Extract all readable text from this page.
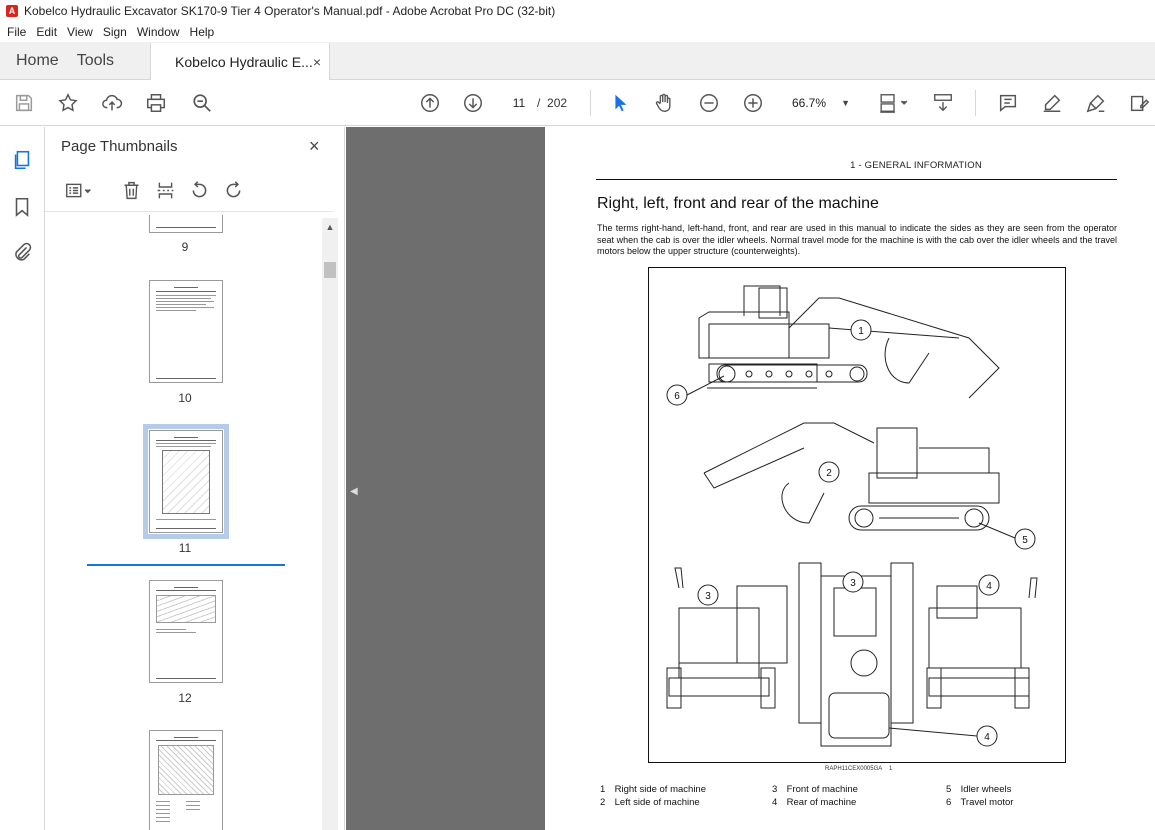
A Kobelco Hydraulic Excavator SK170-9 Tier 4 Operator's Manual.pdf - Adobe Acrobat Pro DC (32-bit)
File Edit View Sign Window Help
Home	Tools	Kobelco Hydraulic E... ×
11 / 202	66.7% ▼
Page Thumbnails	×
9
10
11
12
▲
◀
1 - GENERAL INFORMATION
Right, left, front and rear of the machine
The terms right-hand, left-hand, front, and rear are used in this manual to indicate the sides as they are seen from the operator seat when the cab is over the idler wheels. Normal travel mode for the machine is with the cab over the idler wheels and the travel motors below the upper structure (counterweights).
1
2
3
3	4
4
5
6
RAPH11CEX0005GA 1
1 Right side of machine
2 Left side of machine
3 Front of machine
4 Rear of machine
5 Idler wheels
6 Travel motor
